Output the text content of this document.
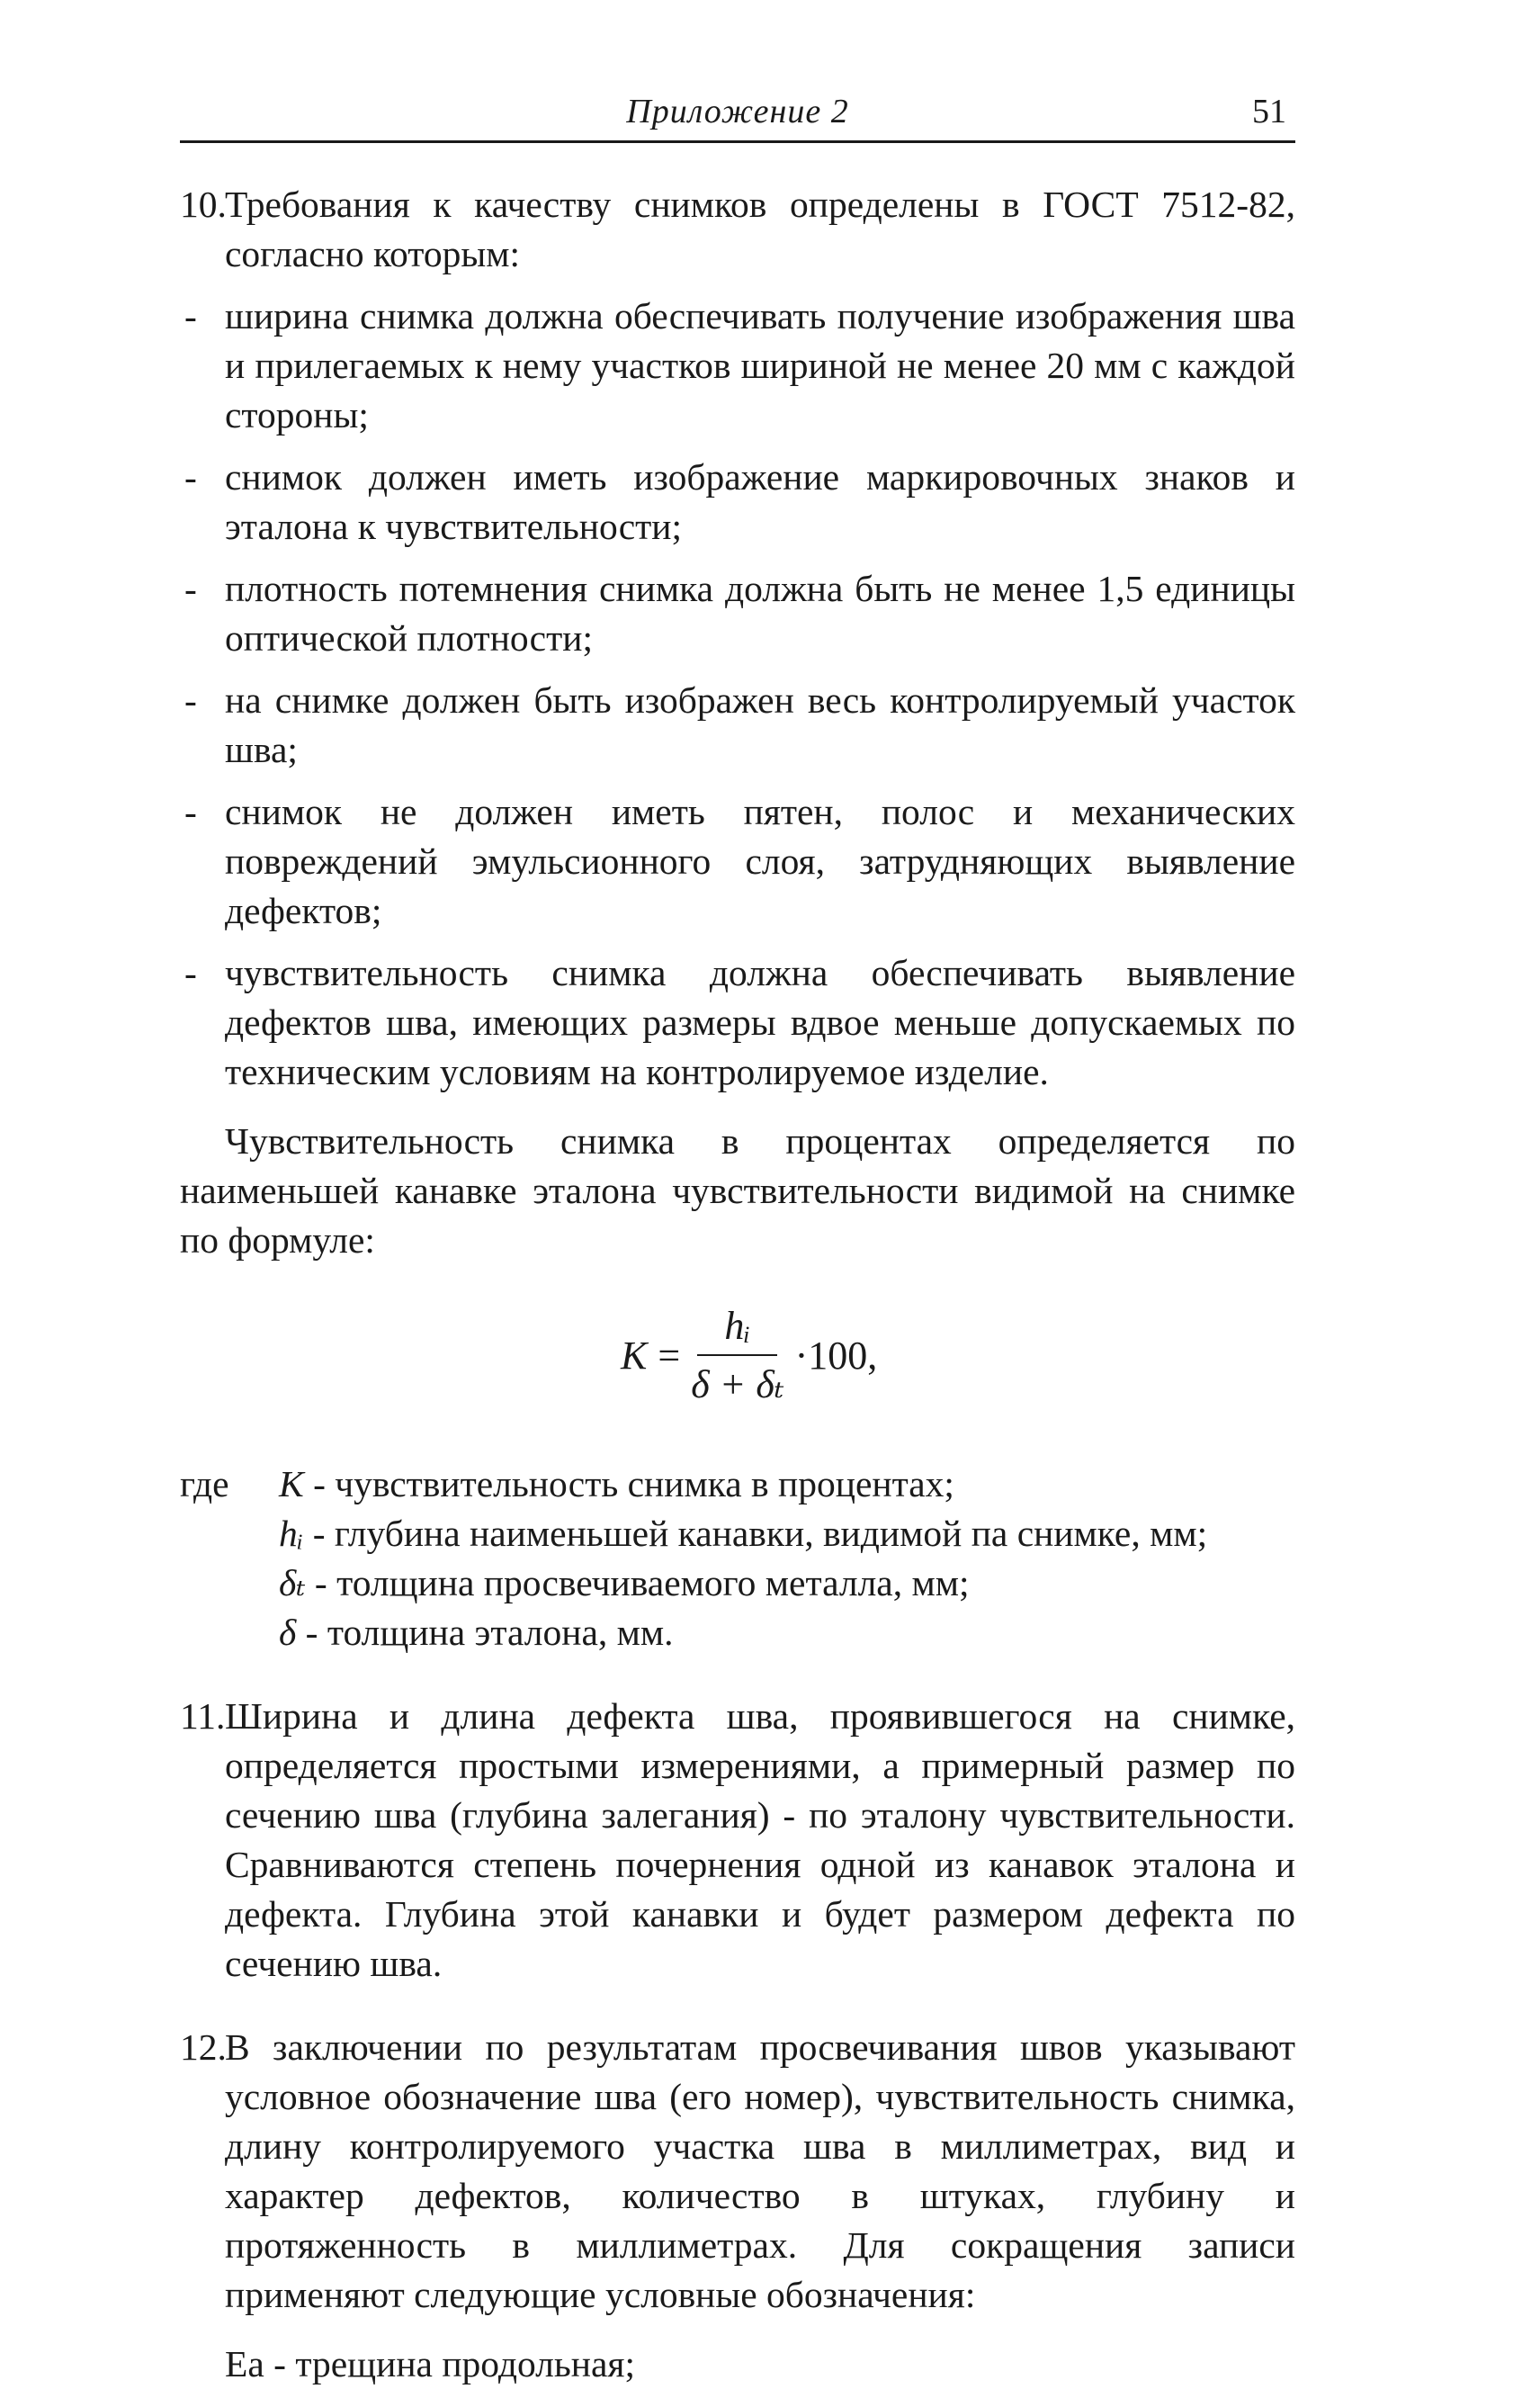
Приложение 2	51

10.
Требования к качеству снимков определены в ГОСТ 7512-82, согласно которым:

- ширина снимка должна обеспечивать получение изображения шва и прилегаемых к нему участков шириной не менее 20 мм с каждой стороны;

- снимок должен иметь изображение маркировочных знаков и эталона к чувствительности;

- плотность потемнения снимка должна быть не менее 1,5 единицы оптической плотности;

- на снимке должен быть изображен весь контролируемый участок шва;

- снимок не должен иметь пятен, полос и механических повреждений эмульсионного слоя, затрудняющих выявление дефектов;

- чувствительность снимка должна обеспечивать выявление дефектов шва, имеющих размеры вдвое меньше допускаемых по техническим условиям на контролируемое изделие.

Чувствительность снимка в процентах определяется по наименьшей канавке эталона чувствительности видимой на снимке по формуле:

$K = \frac{\text{hᵢ}}{\text{δ + δₜ}} \cdot 100$,
где K - чувствительность снимка в процентах;
hᵢ - глубина наименьшей канавки, видимой па снимке, мм;
δₜ - толщина просвечиваемого металла, мм;
δ - толщина эталона, мм.

11. Ширина и длина дефекта шва, проявившегося на снимке, определяется простыми измерениями, а примерный размер по сечению шва (глубина залегания) - по эталону чувствительности. Сравниваются степень почернения одной из канавок эталона и дефекта. Глубина этой канавки и будет размером дефекта по сечению шва.

12.
В заключении по результатам просвечивания швов указывают условное обозначение шва (его номер), чувствительность снимка, длину контролируемого участка шва в миллиметрах, вид и характер дефектов, количество в штуках, глубину и протяженность в миллиметрах. Для сокращения записи применяют следующие условные обозначения:

Еа - трещина продольная;
